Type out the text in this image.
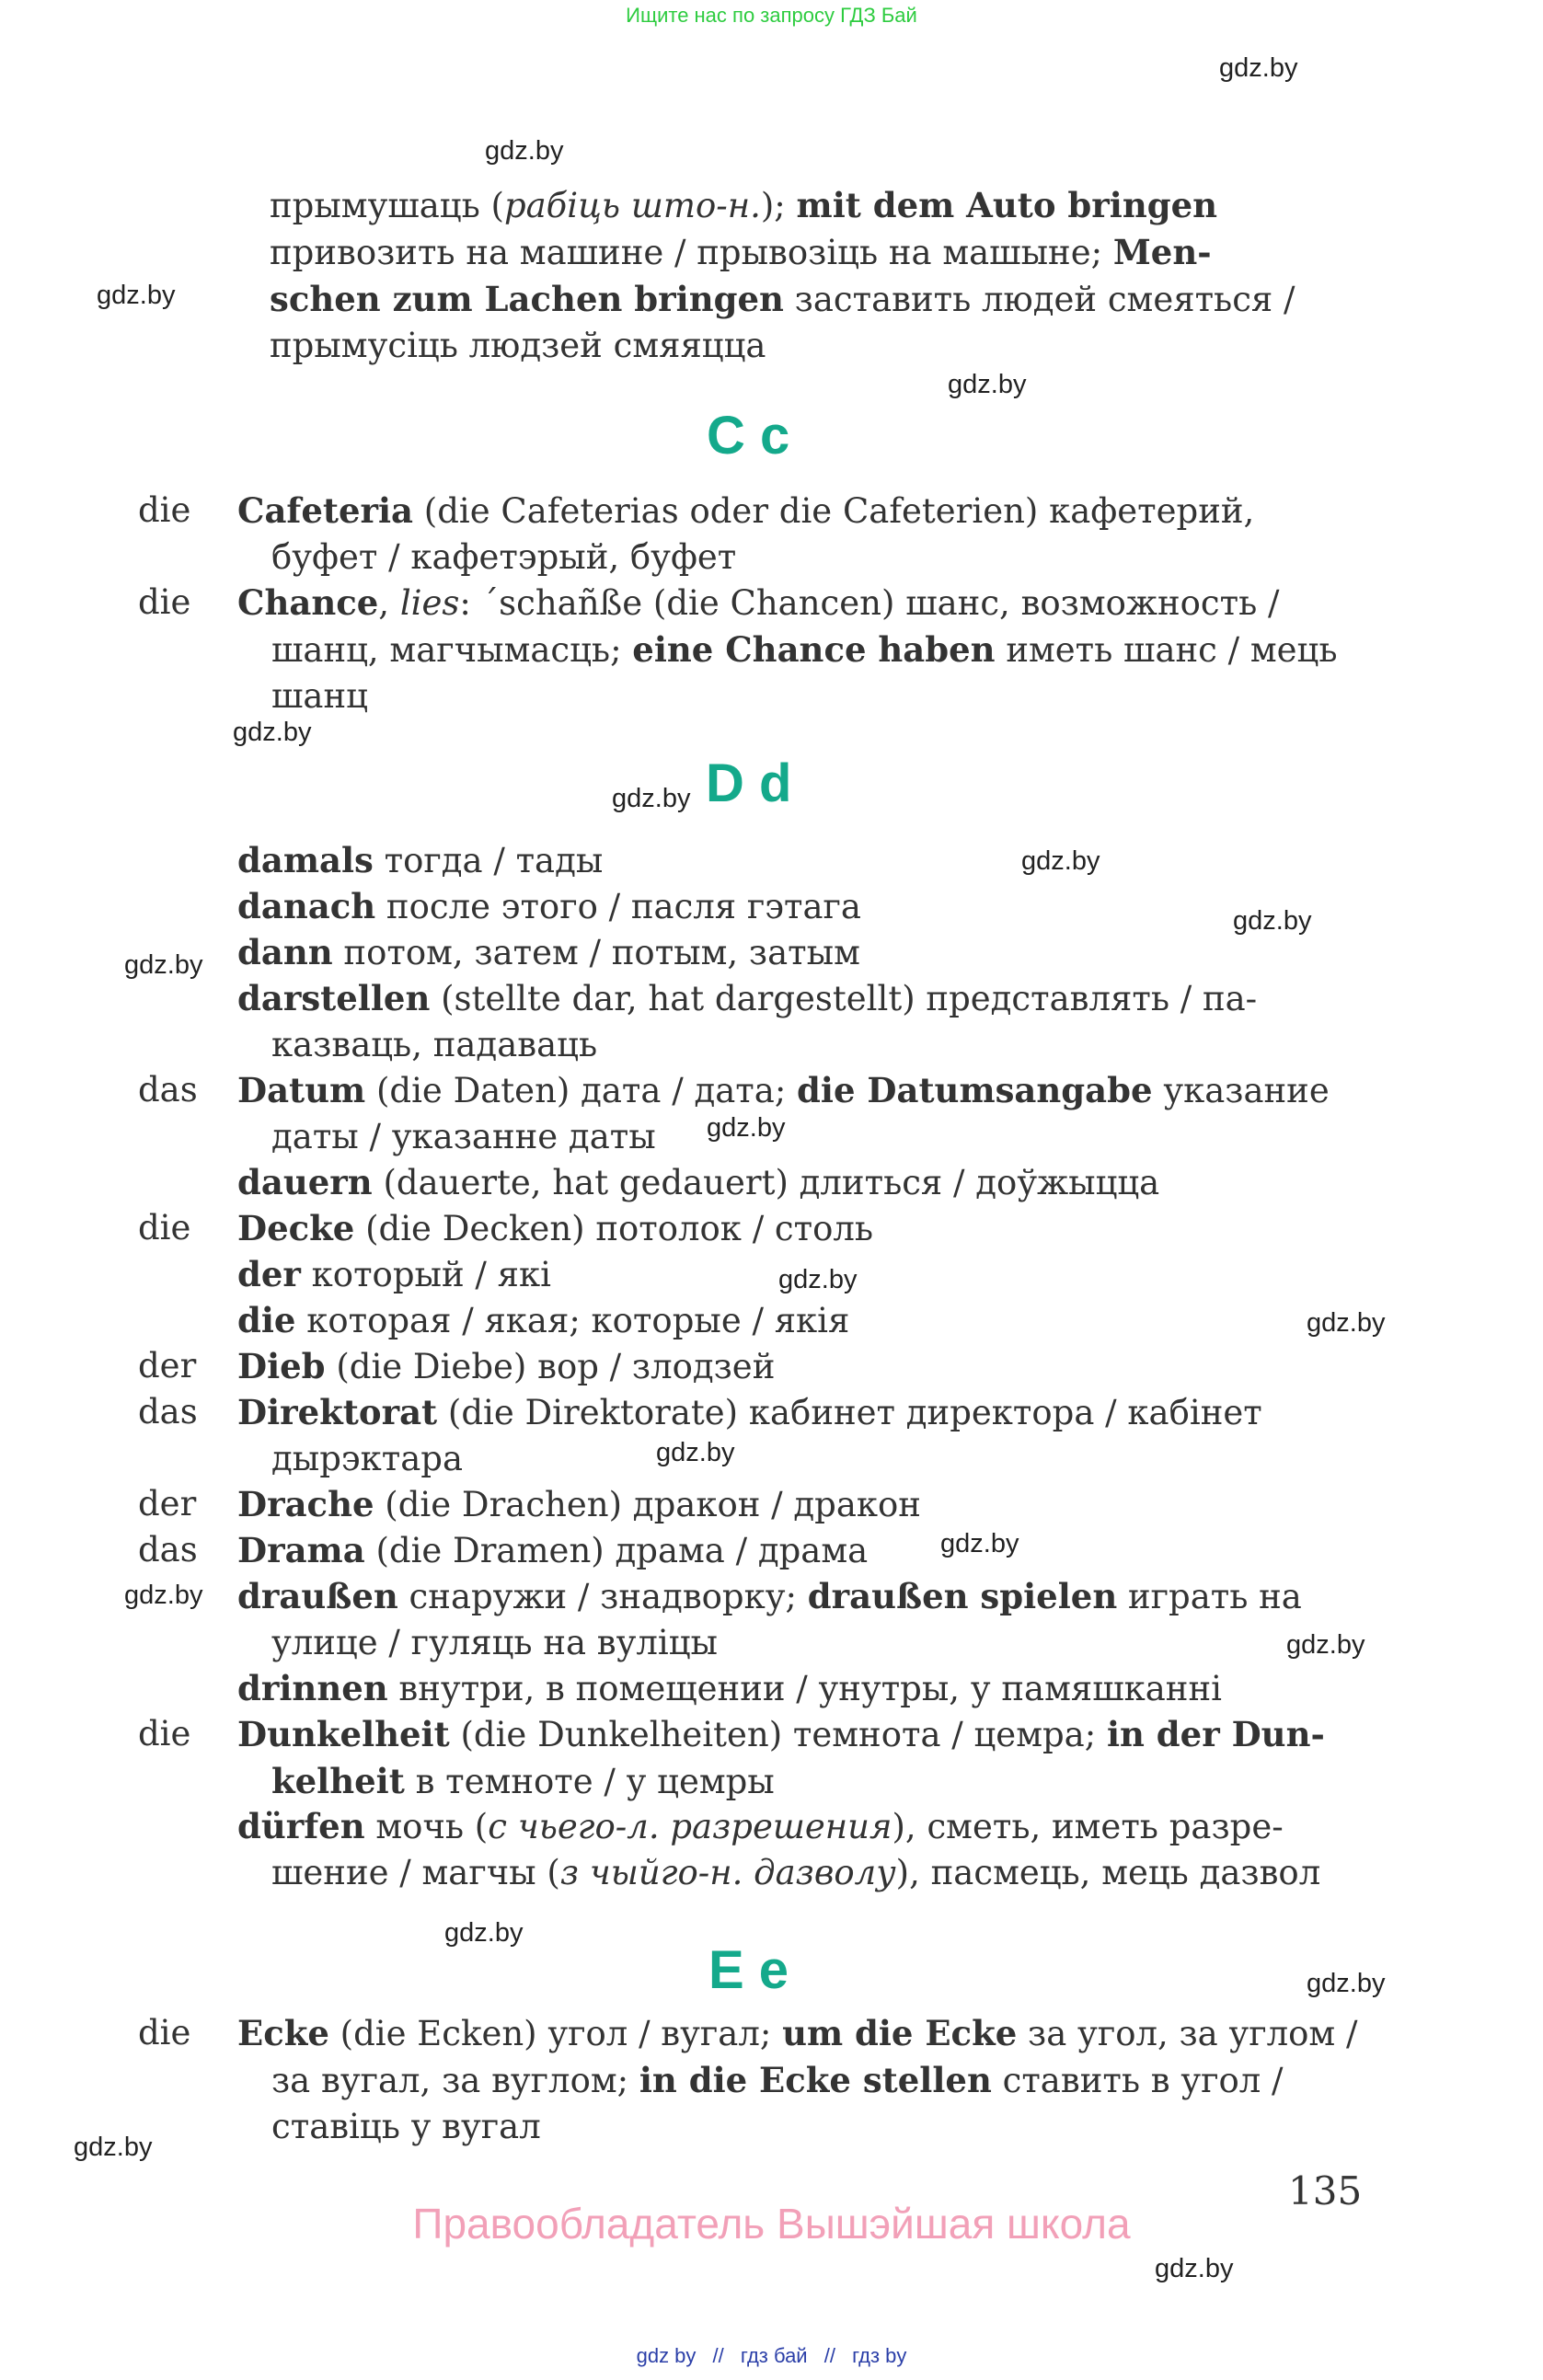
Ищите нас по запросу ГДЗ Бай
gdz.by
gdz.by
gdz.by
gdz.by
gdz.by
gdz.by
gdz.by
gdz.by
gdz.by
gdz.by
gdz.by
gdz.by
gdz.by
gdz.by
gdz.by
gdz.by
gdz.by
gdz.by
gdz.by
gdz.by
прымушаць (рабіць што-н.); mit dem Auto bringen
привозить на машине / прывозіць на машыне; Men-
schen zum Lachen bringen заставить людей смеяться /
прымусіць людзей смяяцца
C c
die	Cafeteria (die Cafeterias oder die Cafeterien) кафетерий,
буфет / кафетэрый, буфет
die	Chance, lies: ´schañße (die Chancen) шанс, возможность /
шанц, магчымасць; eine Chance haben иметь шанс / мець
шанц
D d
damals тогда / тады
danach после этого / пасля гэтага
dann потом, затем / потым, затым
darstellen (stellte dar, hat dargestellt) представлять / па-
казваць, падаваць
das	Datum (die Daten) дата / дата; die Datumsangabe указание
даты / указанне даты
dauern (dauerte, hat gedauert) длиться / доўжыцца
die	Decke (die Decken) потолок / столь
der который / які
die которая / якая; которые / якія
der	Dieb (die Diebe) вор / злодзей
das	Direktorat (die Direktorate) кабинет директора / кабінет
дырэктара
der	Drache (die Drachen) дракон / дракон
das	Drama (die Dramen) драма / драма
draußen снаружи / знадворку; draußen spielen играть на
улице / гуляць на вуліцы
drinnen внутри, в помещении / унутры, у памяшканні
die	Dunkelheit (die Dunkelheiten) темнота / цемра; in der Dun-
kelheit в темноте / у цемры
dürfen мочь (с чьего-л. разрешения), сметь, иметь разре-
шение / магчы (з чыйго-н. дазволу), пасмець, мець дазвол
E e
die	Ecke (die Ecken) угол / вугал; um die Ecke за угол, за углом /
за вугал, за вуглом; in die Ecke stellen ставить в угол /
ставіць у вугал
135
Правообладатель Вышэйшая школа
gdz by // гдз бай // гдз by
